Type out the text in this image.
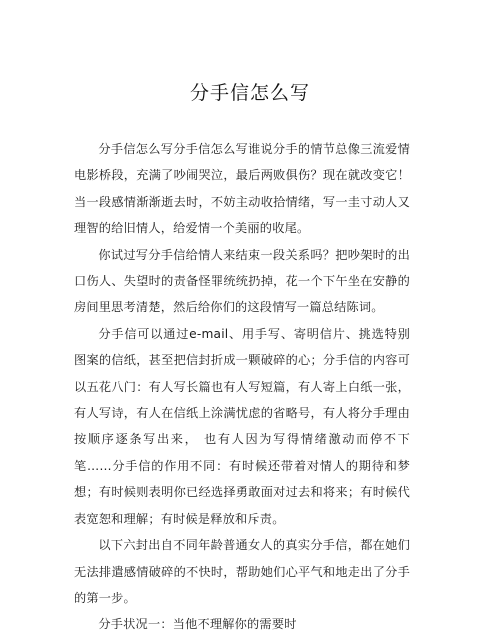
分手信怎么写

分手信怎么写分手信怎么写谁说分手的情节总像三流爱情电影桥段，充满了吵闹哭泣，最后两败俱伤？现在就改变它！当一段感情渐渐逝去时，不妨主动收拾情绪，写一圭寸动人又理智的给旧情人，给爱情一个美丽的收尾。

你试过写分手信给情人来结束一段关系吗？把吵架时的出口伤人、失望时的责备怪罪统统扔掉，花一个下午坐在安静的房间里思考清楚，然后给你们的这段情写一篇总结陈词。

分手信可以通过e-mail、用手写、寄明信片、挑选特别图案的信纸，甚至把信封折成一颗破碎的心；分手信的内容可以五花八门：有人写长篇也有人写短篇，有人寄上白纸一张，有人写诗，有人在信纸上涂满忧虑的省略号，有人将分手理由按顺序逐条写出来， 也有人因为写得情绪激动而停不下笔……分手信的作用不同：有时候还带着对情人的期待和梦想；有时候则表明你已经选择勇敢面对过去和将来；有时候代表宽恕和理解；有时候是释放和斥责。

以下六封出自不同年龄普通女人的真实分手信，都在她们无法排遣感情破碎的不快时，帮助她们心平气和地走出了分手的第一步。

分手状况一：当他不理解你的需要时
